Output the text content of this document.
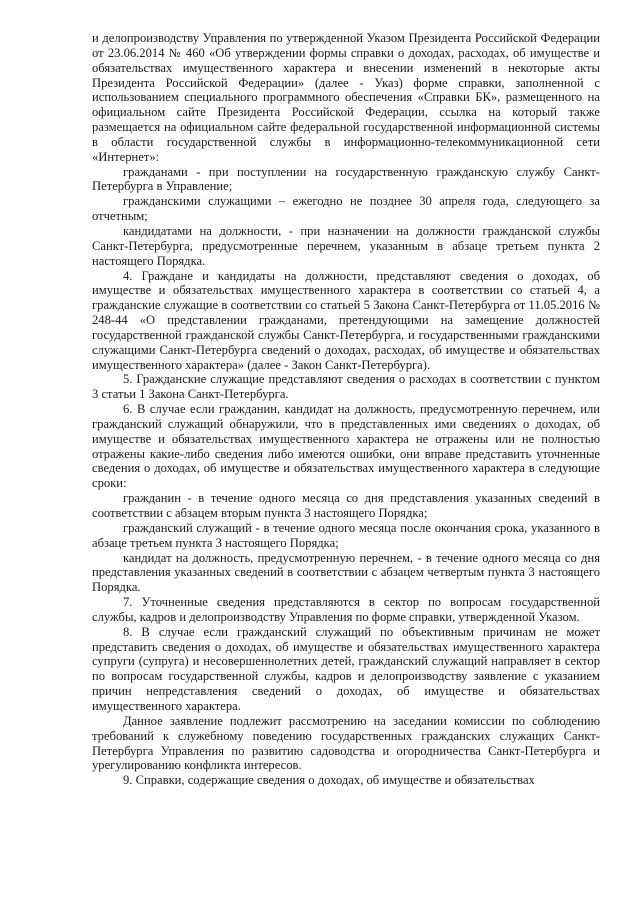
и делопроизводству Управления по утвержденной Указом Президента Российской Федерации от 23.06.2014 № 460 «Об утверждении формы справки о доходах, расходах, об имуществе и обязательствах имущественного характера и внесении изменений в некоторые акты Президента Российской Федерации» (далее - Указ) форме справки, заполненной с использованием специального программного обеспечения «Справки БК», размещенного на официальном сайте Президента Российской Федерации, ссылка на который также размещается на официальном сайте федеральной государственной информационной системы в области государственной службы в информационно-телекоммуникационной сети «Интернет»:

гражданами - при поступлении на государственную гражданскую службу Санкт-Петербурга в Управление;

гражданскими служащими – ежегодно не позднее 30 апреля года, следующего за отчетным;

кандидатами на должности, - при назначении на должности гражданской службы Санкт-Петербурга, предусмотренные перечнем, указанным в абзаце третьем пункта 2 настоящего Порядка.

4. Граждане и кандидаты на должности, представляют сведения о доходах, об имуществе и обязательствах имущественного характера в соответствии со статьей 4, а гражданские служащие в соответствии со статьей 5 Закона Санкт-Петербурга от 11.05.2016 № 248-44 «О представлении гражданами, претендующими на замещение должностей государственной гражданской службы Санкт-Петербурга, и государственными гражданскими служащими Санкт-Петербурга сведений о доходах, расходах, об имуществе и обязательствах имущественного характера» (далее - Закон Санкт-Петербурга).

5. Гражданские служащие представляют сведения о расходах в соответствии с пунктом 3 статьи 1 Закона Санкт-Петербурга.

6. В случае если гражданин, кандидат на должность, предусмотренную перечнем, или гражданский служащий обнаружили, что в представленных ими сведениях о доходах, об имуществе и обязательствах имущественного характера не отражены или не полностью отражены какие-либо сведения либо имеются ошибки, они вправе представить уточненные сведения о доходах, об имуществе и обязательствах имущественного характера в следующие сроки:

гражданин - в течение одного месяца со дня представления указанных сведений в соответствии с абзацем вторым пункта 3 настоящего Порядка;

гражданский служащий - в течение одного месяца после окончания срока, указанного в абзаце третьем пункта 3 настоящего Порядка;

кандидат на должность, предусмотренную перечнем, - в течение одного месяца со дня представления указанных сведений в соответствии с абзацем четвертым пункта 3 настоящего Порядка.

7. Уточненные сведения представляются в сектор по вопросам государственной службы, кадров и делопроизводству Управления по форме справки, утвержденной Указом.

8. В случае если гражданский служащий по объективным причинам не может представить сведения о доходах, об имуществе и обязательствах имущественного характера супруги (супруга) и несовершеннолетних детей, гражданский служащий направляет в сектор по вопросам государственной службы, кадров и делопроизводству заявление с указанием причин непредставления сведений о доходах, об имуществе и обязательствах имущественного характера.

Данное заявление подлежит рассмотрению на заседании комиссии по соблюдению требований к служебному поведению государственных гражданских служащих Санкт-Петербурга Управления по развитию садоводства и огородничества Санкт-Петербурга и урегулированию конфликта интересов.

9. Справки, содержащие сведения о доходах, об имуществе и обязательствах
